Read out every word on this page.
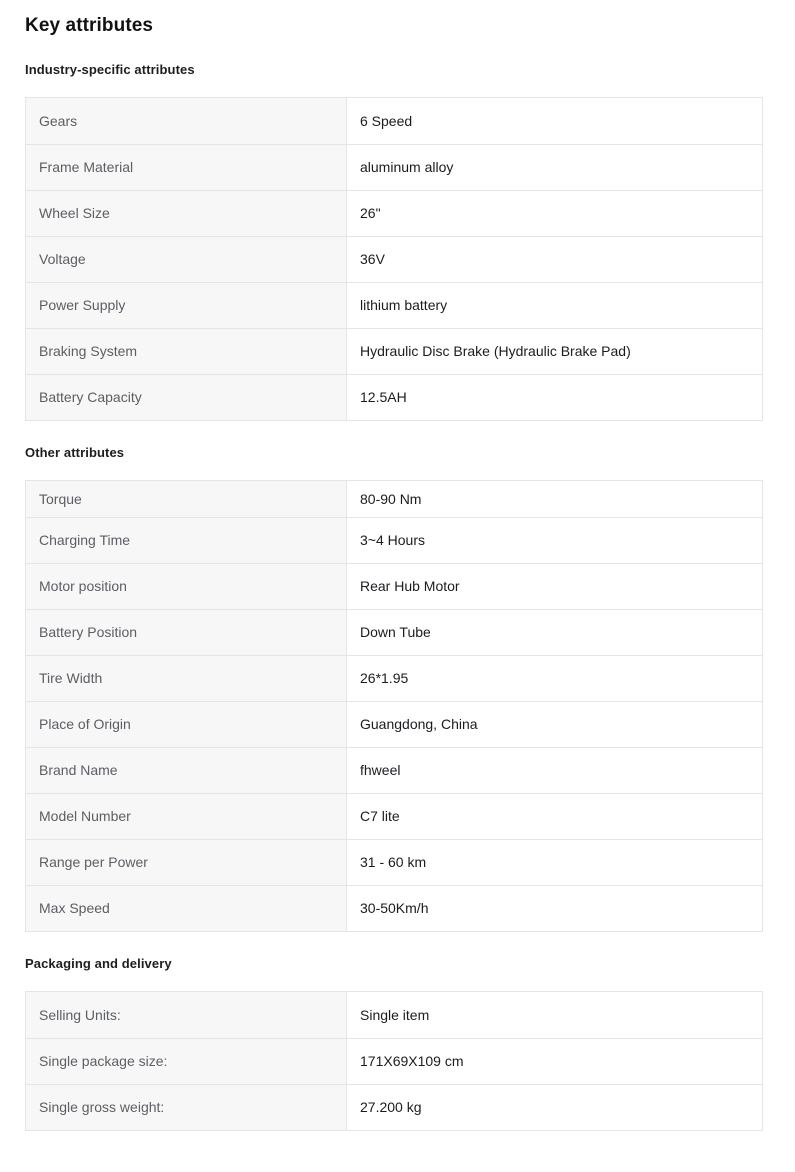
Key attributes
Industry-specific attributes
Gears	6 Speed
Frame Material	aluminum alloy
Wheel Size	26"
Voltage	36V
Power Supply	lithium battery
Braking System	Hydraulic Disc Brake (Hydraulic Brake Pad)
Battery Capacity	12.5AH
Other attributes
Torque	80-90 Nm
Charging Time	3~4 Hours
Motor position	Rear Hub Motor
Battery Position	Down Tube
Tire Width	26*1.95
Place of Origin	Guangdong, China
Brand Name	fhweel
Model Number	C7 lite
Range per Power	31 - 60 km
Max Speed	30-50Km/h
Packaging and delivery
Selling Units:	Single item
Single package size:	171X69X109 cm
Single gross weight:	27.200 kg
